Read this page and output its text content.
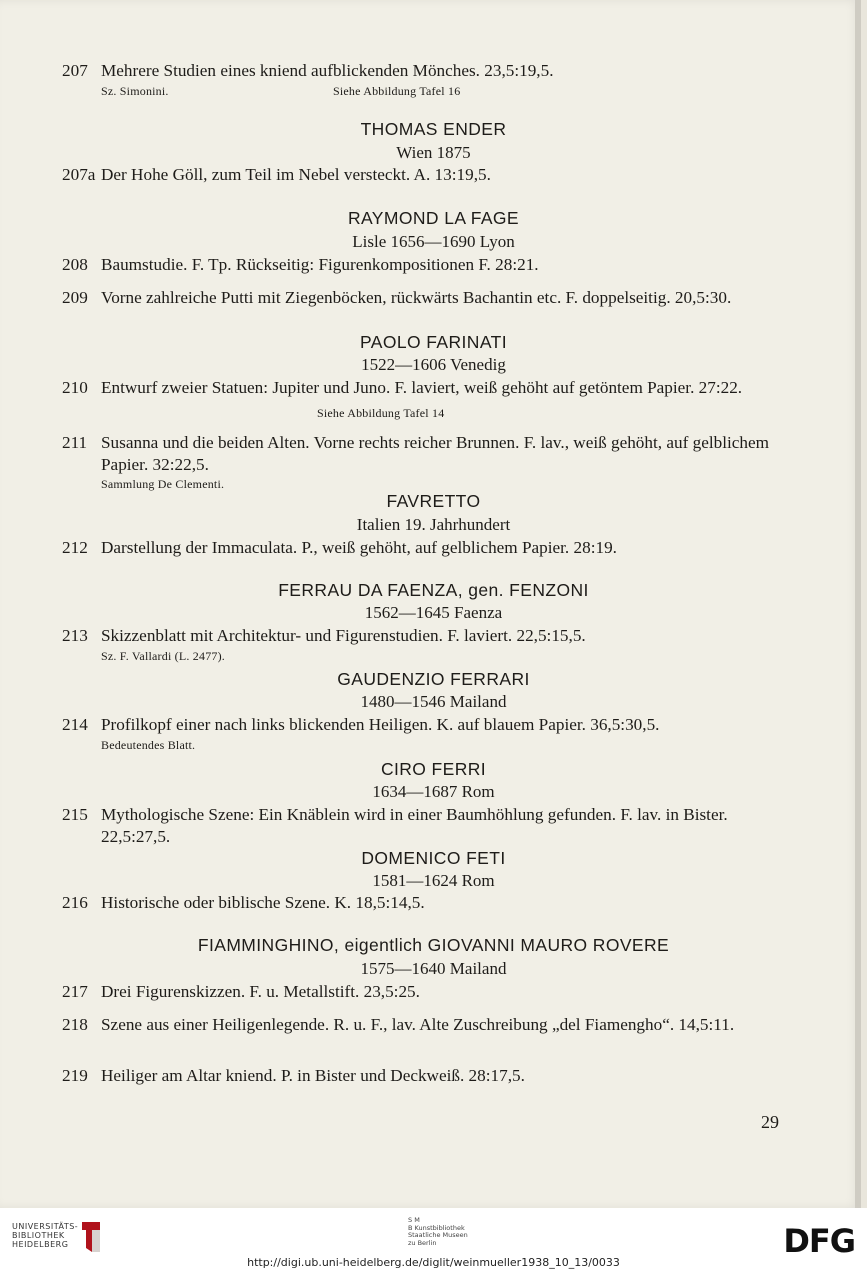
207 Mehrere Studien eines kniend aufblickenden Mönches. 23,5:19,5.
Sz. Simonini.	Siehe Abbildung Tafel 16
THOMAS ENDER
Wien 1875
207a Der Hohe Göll, zum Teil im Nebel versteckt. A. 13:19,5.
RAYMOND LA FAGE
Lisle 1656—1690 Lyon
208 Baumstudie. F. Tp. Rückseitig: Figurenkompositionen F. 28:21.
209 Vorne zahlreiche Putti mit Ziegenböcken, rückwärts Bachantin etc. F. doppelseitig. 20,5:30.
PAOLO FARINATI
1522—1606 Venedig
210 Entwurf zweier Statuen: Jupiter und Juno. F. laviert, weiß gehöht auf getöntem Papier. 27:22.
Siehe Abbildung Tafel 14
211 Susanna und die beiden Alten. Vorne rechts reicher Brunnen. F. lav., weiß gehöht, auf gelblichem Papier. 32:22,5.
Sammlung De Clementi.
FAVRETTO
Italien 19. Jahrhundert
212 Darstellung der Immaculata. P., weiß gehöht, auf gelblichem Papier. 28:19.
FERRAU DA FAENZA, gen. FENZONI
1562—1645 Faenza
213 Skizzenblatt mit Architektur- und Figurenstudien. F. laviert. 22,5:15,5.
Sz. F. Vallardi (L. 2477).
GAUDENZIO FERRARI
1480—1546 Mailand
214 Profilkopf einer nach links blickenden Heiligen. K. auf blauem Papier. 36,5:30,5.
Bedeutendes Blatt.
CIRO FERRI
1634—1687 Rom
215 Mythologische Szene: Ein Knäblein wird in einer Baumhöhlung gefunden. F. lav. in Bister. 22,5:27,5.
DOMENICO FETI
1581—1624 Rom
216 Historische oder biblische Szene. K. 18,5:14,5.
FIAMMINGHINO, eigentlich GIOVANNI MAURO ROVERE
1575—1640 Mailand
217 Drei Figurenskizzen. F. u. Metallstift. 23,5:25.
218 Szene aus einer Heiligenlegende. R. u. F., lav. Alte Zuschreibung „del Fiamengho“. 14,5:11.
219 Heiliger am Altar kniend. P. in Bister und Deckweiß. 28:17,5.
29
UNIVERSITÄTS-
BIBLIOTHEK
HEIDELBERG
S M
B Kunstbibliothek
Staatliche Museen
zu Berlin	DFG
http://digi.ub.uni-heidelberg.de/diglit/weinmueller1938_10_13/0033
